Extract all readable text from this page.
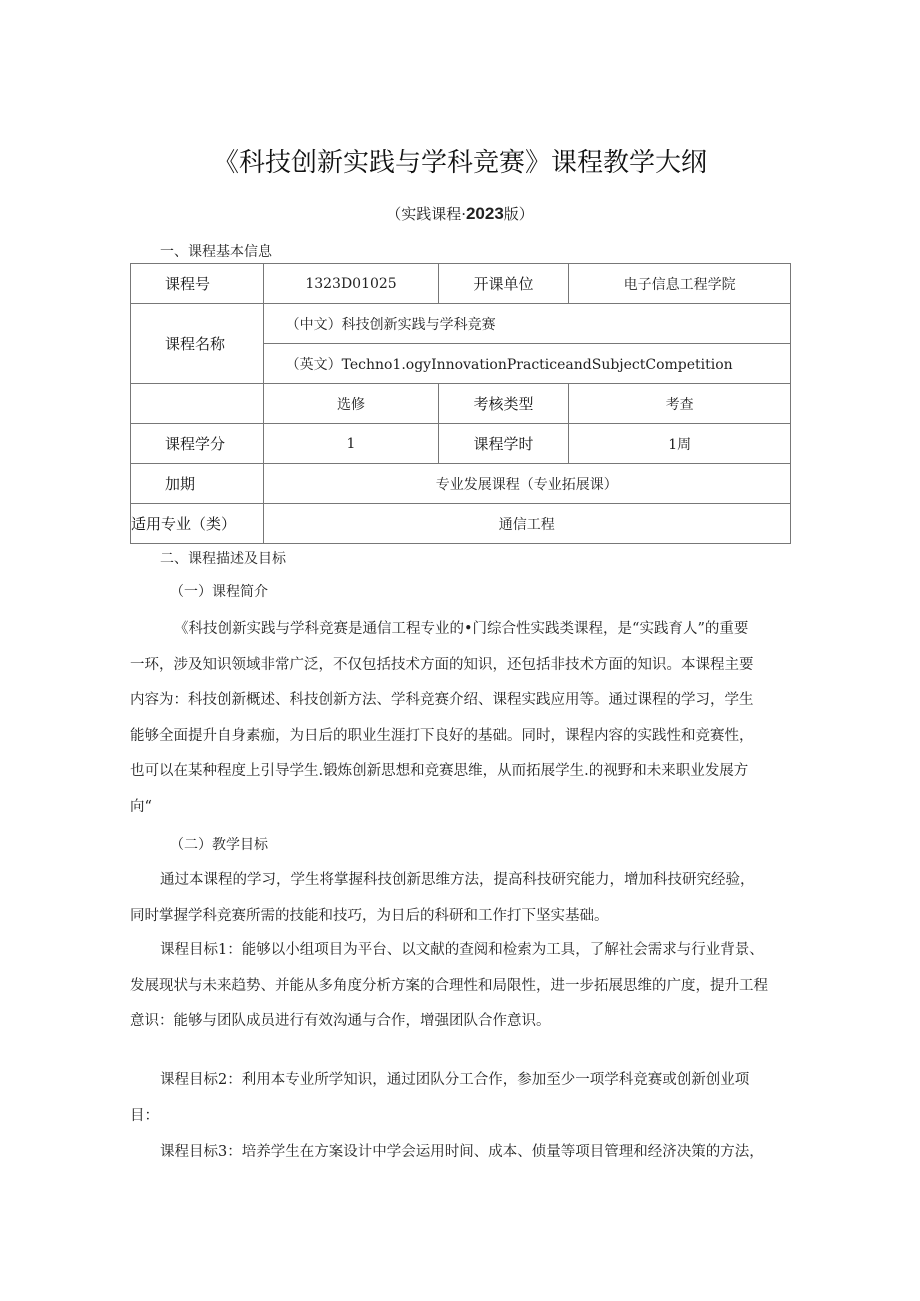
《科技创新实践与学科竞赛》课程教学大纲
（实践课程·2023版）
一、课程基本信息
课程号	1323D01025	开课单位	电子信息工程学院
课程名称	（中文）科技创新实践与学科竞赛		
	（英文）Techno1.ogyInnovationPracticeandSubjectCompetition		
	选修	考核类型	考查
课程学分	1	课程学时	1周
加期	专业发展课程（专业拓展课）		
适用专业（类）	通信工程		
二、课程描述及目标
（一）课程简介
《科技创新实践与学科竞赛是通信工程专业的•门综合性实践类课程，是“实践育人”的重要
一环，涉及知识领域非常广泛，不仅包括技术方面的知识，还包括非技术方面的知识。本课程主要
内容为：科技创新概述、科技创新方法、学科竞赛介绍、课程实践应用等。通过课程的学习，学生
能够全面提升自身素痂，为日后的职业生涯打下良好的基础。同时，课程内容的实践性和竞赛性，
也可以在某种程度上引导学生.锻炼创新思想和竞赛思维，从而拓展学生.的视野和未来职业发展方
向“
（二）教学目标
通过本课程的学习，学生将掌握科技创新思维方法，提高科技研究能力，增加科技研究经验，
同时掌握学科竞赛所需的技能和技巧，为日后的科研和工作打下坚实基础。
课程目标1：能够以小组项目为平台、以文献的查阅和检索为工具，了解社会需求与行业背景、
发展现状与未来趋势、并能从多角度分析方案的合理性和局限性，进一步拓展思维的广度，提升工程
意识：能够与团队成员进行有效沟通与合作，增强团队合作意识。
课程目标2：利用本专业所学知识，通过团队分工合作，参加至少一项学科竞赛或创新创业项
目：
课程目标3：培养学生在方案设计中学会运用时间、成本、侦量等项目管理和经济决策的方法，
